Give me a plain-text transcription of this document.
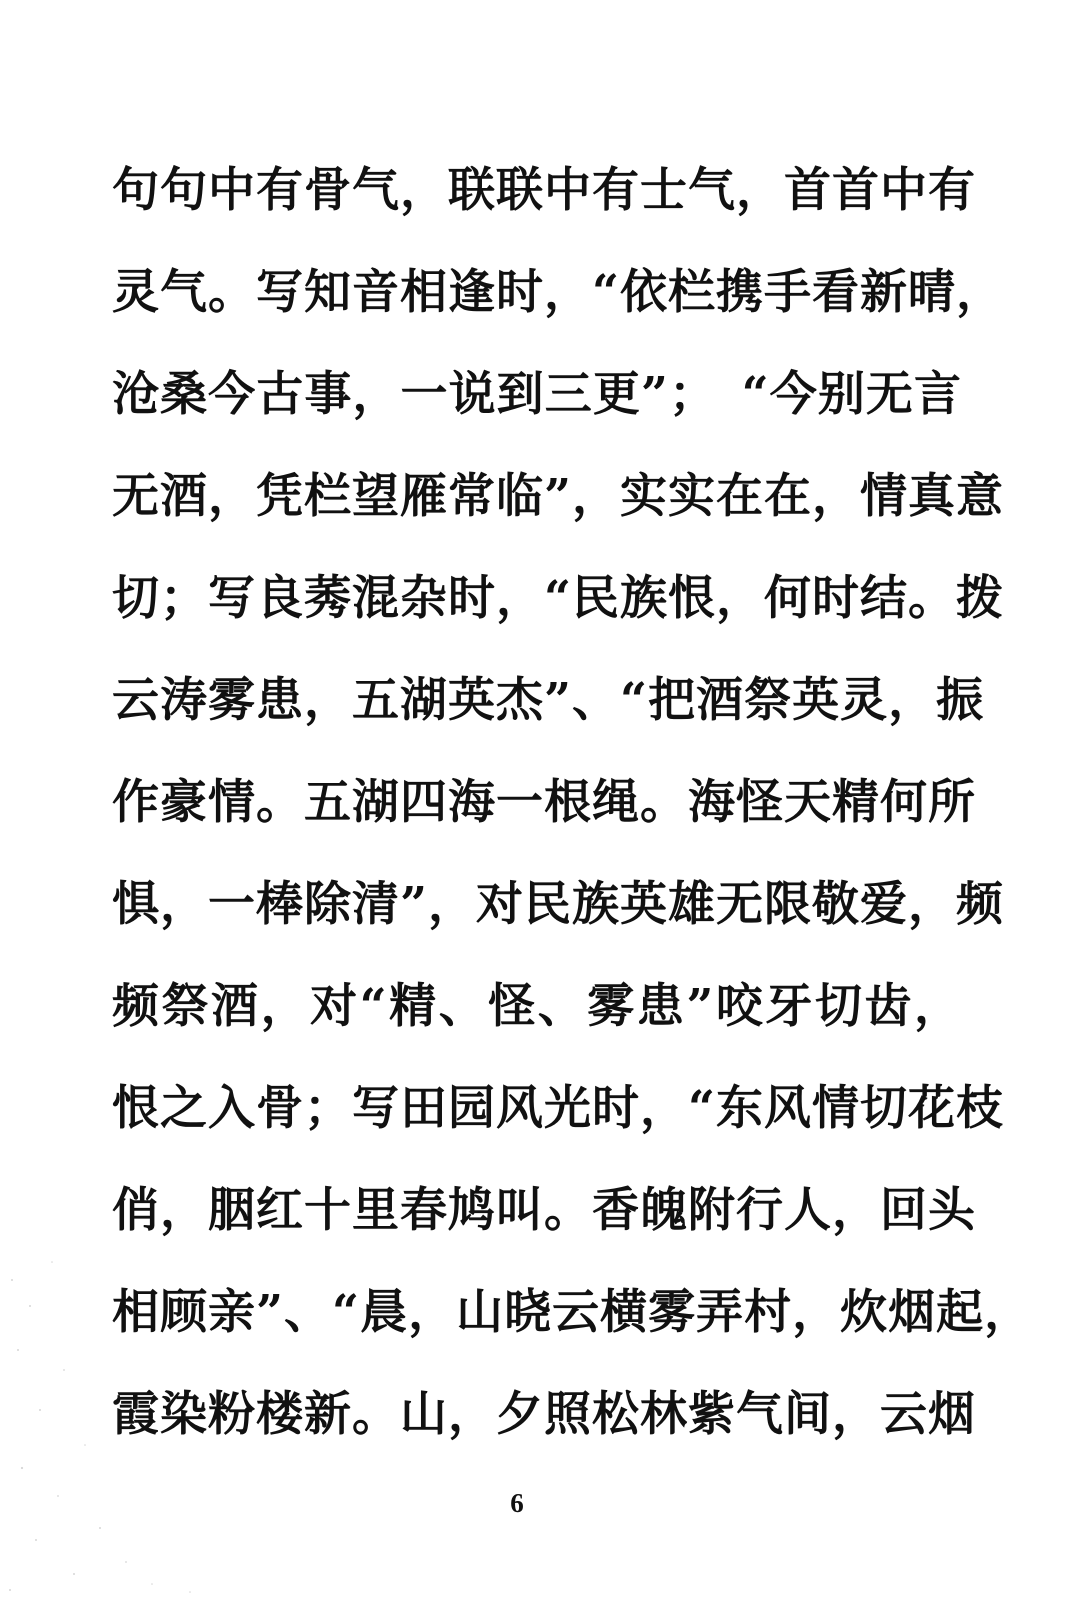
句句中有骨气，联联中有士气，首首中有
灵气。写知音相逢时，“依栏携手看新晴，
沧桑今古事，一说到三更”；　“今别无言
无酒，凭栏望雁常临”，实实在在，情真意
切；写良莠混杂时，“民族恨，何时结。拨
云涛雾患，五湖英杰”、“把酒祭英灵，振
作豪情。五湖四海一根绳。海怪天精何所
惧，一棒除清”，对民族英雄无限敬爱，频
频祭酒，对“精、怪、雾患”咬牙切齿，
恨之入骨；写田园风光时，“东风情切花枝
俏，胭红十里春鸠叫。香魄附行人，回头
相顾亲”、“晨，山晓云横雾弄村，炊烟起，
霞染粉楼新。山，夕照松林紫气间，云烟
6
